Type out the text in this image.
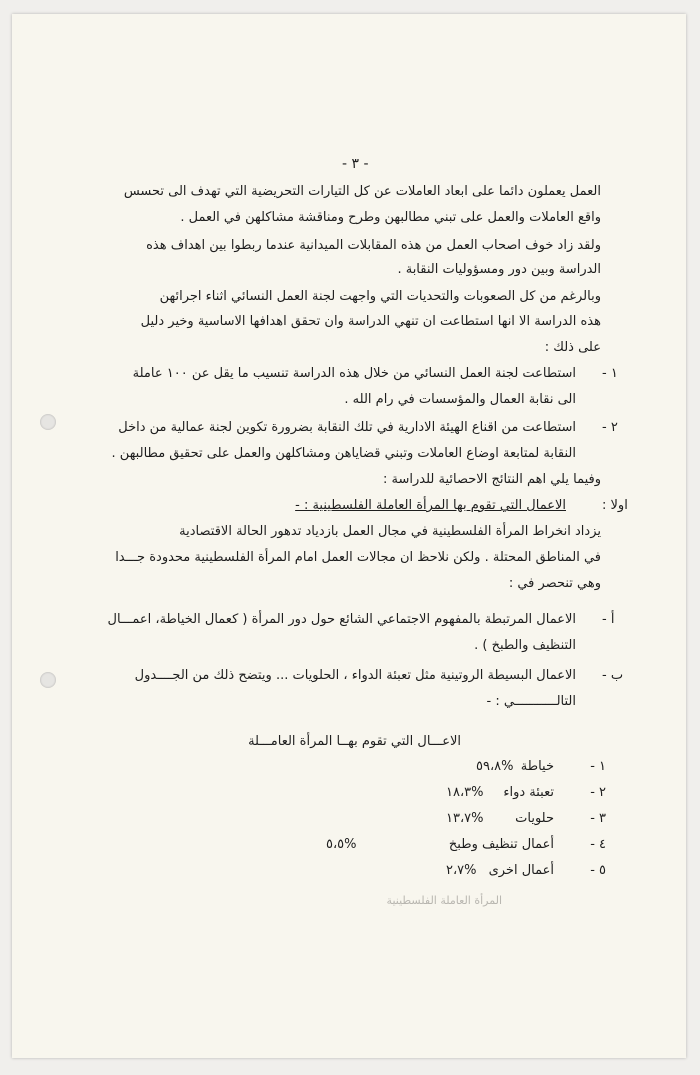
- ٣ -
العمل يعملون دائما على ابعاد العاملات عن كل التيارات التحريضية التي تهدف الى تحسس
واقع العاملات والعمل على تبني مطالبهن وطرح ومناقشة مشاكلهن في العمل .
ولقد زاد خوف اصحاب العمل من هذه المقابلات الميدانية عندما ربطوا بين اهداف هذه
الدراسة وبين دور ومسؤوليات النقابة .
وبالرغم من كل الصعوبات والتحديات التي واجهت لجنة العمل النسائي اثناء اجرائهن
هذه الدراسة الا انها استطاعت ان تنهي الدراسة وان تحقق اهدافها الاساسية وخير دليل
على ذلك :
١ -
استطاعت لجنة العمل النسائي من خلال هذه الدراسة تنسيب ما يقل عن ١٠٠ عاملة
الى نقابة العمال والمؤسسات في رام الله .
٢ -
استطاعت من اقناع الهيئة الادارية في تلك النقابة بضرورة تكوين لجنة عمالية من داخل
النقابة لمتابعة اوضاع العاملات وتبني قضاياهن ومشاكلهن والعمل على تحقيق مطالبهن .
وفيما يلي اهم النتائج الاحصائية للدراسة :
اولا :
الاعمال التي تقوم بها المرأة العاملة الفلسطينية : -
يزداد انخراط المرأة الفلسطينية في مجال العمل بازدياد تدهور الحالة الاقتصادية
في المناطق المحتلة . ولكن نلاحظ ان مجالات العمل امام المرأة الفلسطينية محدودة جـــدا
وهي تنحصر في :
أ -
الاعمال المرتبطة بالمفهوم الاجتماعي الشائع حول دور المرأة ( كعمال الخياطة، اعمـــال
التنظيف والطبخ ) .
ب -
الاعمال البسيطة الروتينية مثل تعبئة الدواء ، الحلويات ... ويتضح ذلك من الجــــدول
التالـــــــــــي : -
الاعـــال التي تقوم بهــا المرأة العامـــلة
١ -
خياطة
%٥٩،٨
٢ -
تعبئة دواء
%١٨،٣
٣ -
حلويات
%١٣،٧
٤ -
أعمال تنظيف وطبخ
%٥،٥
٥ -
أعمال اخرى
%٢،٧
المرأة العاملة الفلسطينية
